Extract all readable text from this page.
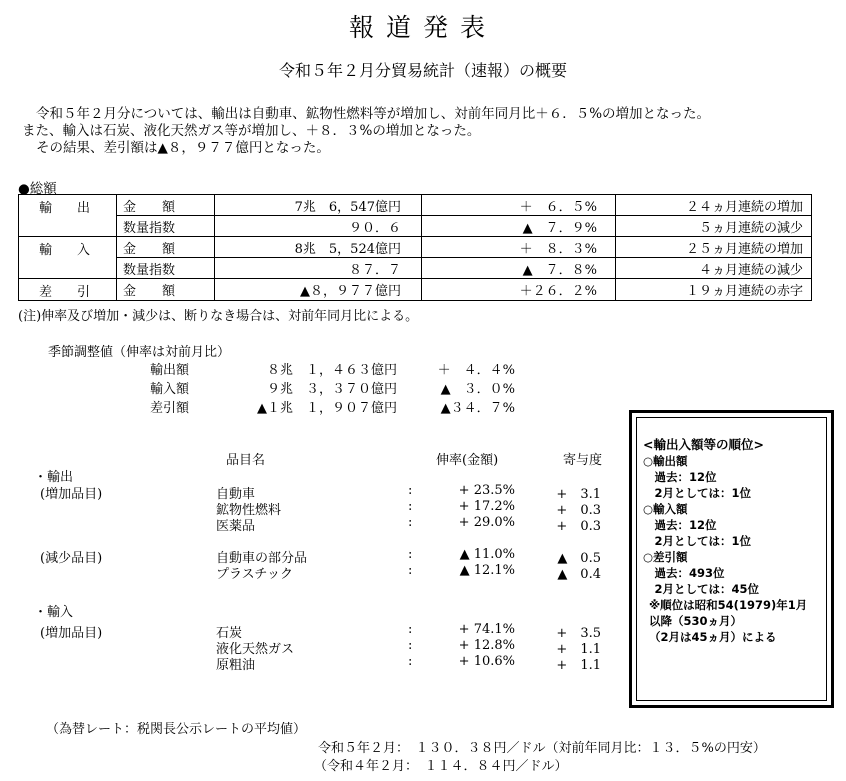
報道発表
令和５年２月分貿易統計（速報）の概要
令和５年２月分については、輸出は自動車、鉱物性燃料等が増加し、対前年同月比＋６．５%の増加となった。
また、輸入は石炭、液化天然ガス等が増加し、＋８．３%の増加となった。
その結果、差引額は▲８，９７７億円となった。
●総額
輸　出	金　　額	7兆　6，547億円	＋　６．５%	２４ヵ月連続の増加
	数量指数	９０．６	▲　７．９%	５ヵ月連続の減少
輸　入	金　　額	8兆　5，524億円	＋　８．３%	２５ヵ月連続の増加
	数量指数	８７．７	▲　７．８%	４ヵ月連続の減少
差　引	金　　額	▲８，９７７億円	＋２６．２%	１９ヵ月連続の赤字
(注)伸率及び増加・減少は、断りなき場合は、対前年同月比による。
季節調整値（伸率は対前月比）
輸出額	８兆　１，４６３億円	＋　４．４%
輸入額	９兆　３，３７０億円	▲　３．０%
差引額	▲１兆　１，９０７億円	▲３４．７%
品目名	伸率(金額)	寄与度
・輸出
(増加品目)	自動車	:	+ 23.5%	+　3.1
鉱物性燃料	:	+ 17.2%	+　0.3
医薬品	:	+ 29.0%	+　0.3
(減少品目)	自動車の部分品	:	▲ 11.0%	▲　0.5
プラスチック	:	▲ 12.1%	▲　0.4
・輸入
(増加品目)	石炭	:	+ 74.1%	+　3.5
液化天然ガス	:	+ 12.8%	+　1.1
原粗油	:	+ 10.6%	+　1.1
<輸出入額等の順位>
○輸出額
　過去：12位
　2月としては：1位
○輸入額
　過去：12位
　2月としては：1位
○差引額
　過去：493位
　2月としては：45位
※順位は昭和54(1979)年1月
以降（530ヵ月）
（2月は45ヵ月）による
（為替レート：税関長公示レートの平均値）
令和５年２月：　１３０．３８円／ドル（対前年同月比：１３．５%の円安）
（令和４年２月：　１１４．８４円／ドル）
